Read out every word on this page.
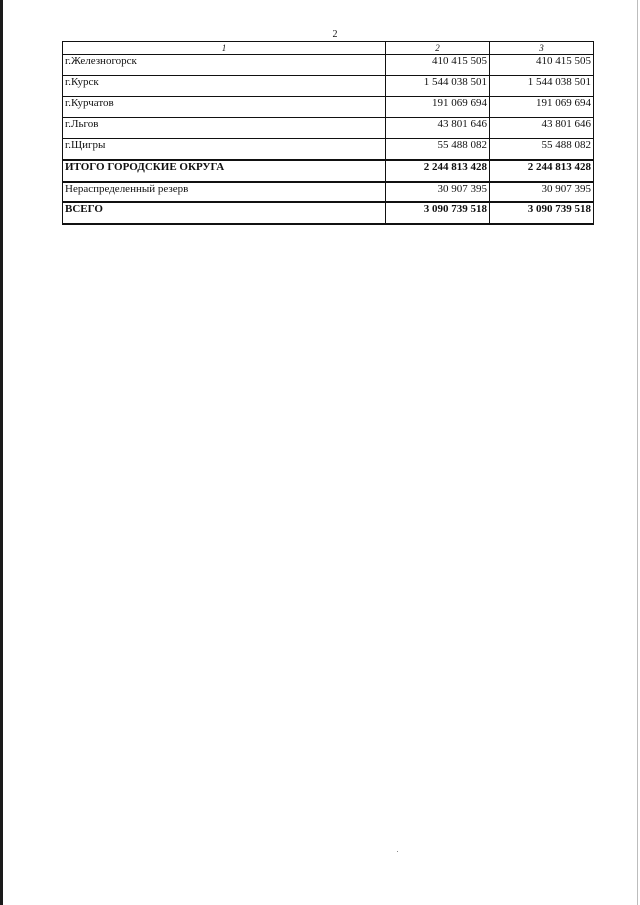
2
1	2	3
г.Железногорск	410 415 505	410 415 505
г.Курск	1 544 038 501	1 544 038 501
г.Курчатов	191 069 694	191 069 694
г.Льгов	43 801 646	43 801 646
г.Щигры	55 488 082	55 488 082
ИТОГО ГОРОДСКИЕ ОКРУГА	2 244 813 428	2 244 813 428
Нераспределенный резерв	30 907 395	30 907 395
ВСЕГО	3 090 739 518	3 090 739 518
